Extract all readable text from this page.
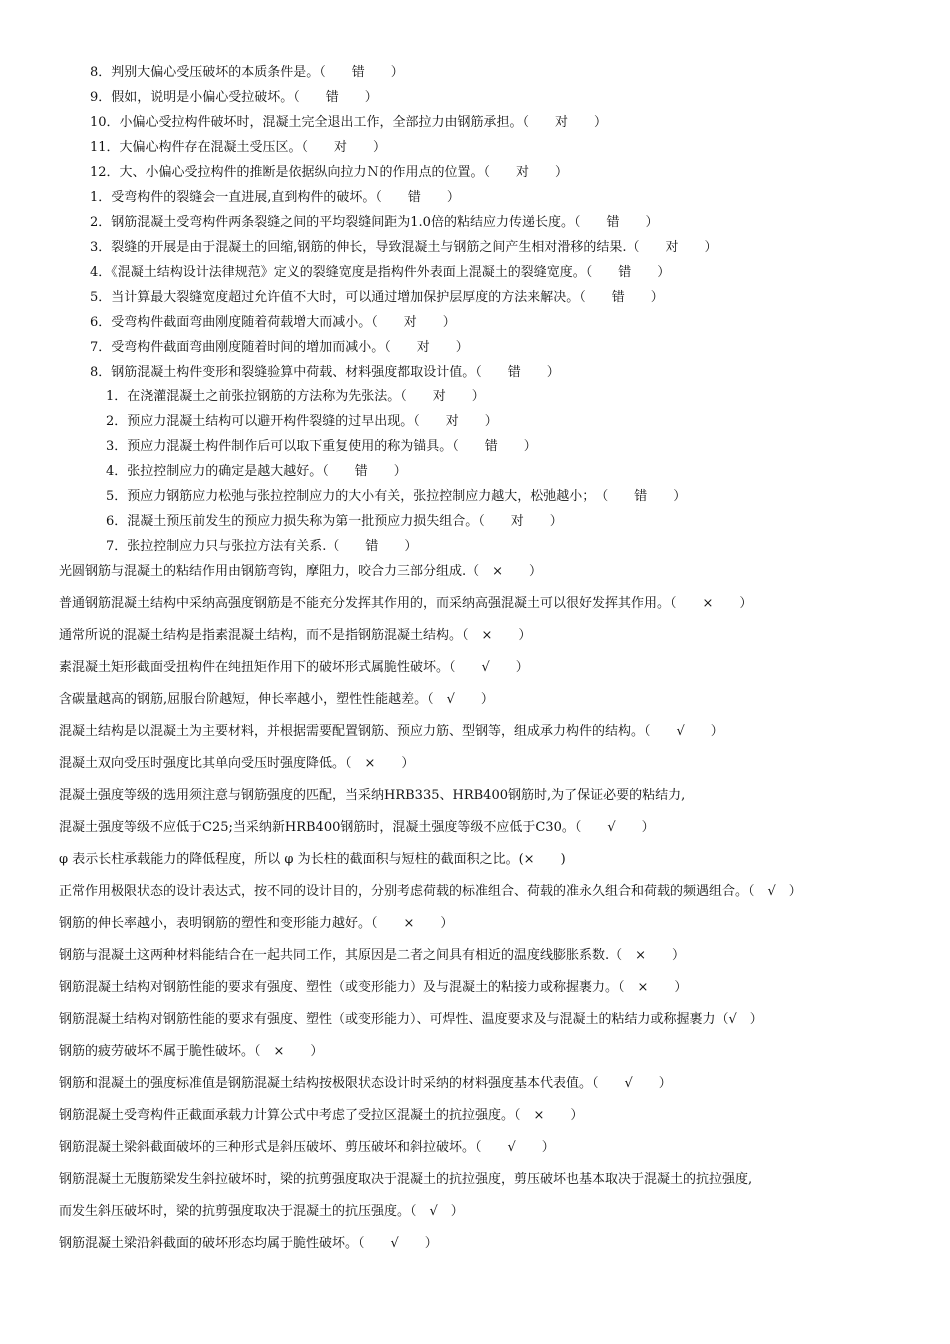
8．判别大偏心受压破坏的本质条件是。（　　错　　）
9．假如，说明是小偏心受拉破坏。（　　错　　）
10．小偏心受拉构件破坏时，混凝土完全退出工作，全部拉力由钢筋承担。（　　对　　）
11．大偏心构件存在混凝土受压区。（　　对　　）
12．大、小偏心受拉构件的推断是依据纵向拉力Ｎ的作用点的位置。（　　对　　）
1．受弯构件的裂缝会一直进展,直到构件的破坏。（　　错　　）
2．钢筋混凝土受弯构件两条裂缝之间的平均裂缝间距为1.0倍的粘结应力传递长度。（　　错　　）
3．裂缝的开展是由于混凝土的回缩,钢筋的伸长，导致混凝土与钢筋之间产生相对滑移的结果.（　　对　　）
4．《混凝土结构设计法律规范》定义的裂缝宽度是指构件外表面上混凝土的裂缝宽度。（　　错　　）
5．当计算最大裂缝宽度超过允许值不大时，可以通过增加保护层厚度的方法来解决。（　　错　　）
6．受弯构件截面弯曲刚度随着荷载增大而减小。（　　对　　）
7．受弯构件截面弯曲刚度随着时间的增加而减小。（　　对　　）
8．钢筋混凝土构件变形和裂缝验算中荷载、材料强度都取设计值。（　　错　　）
1．在浇灌混凝土之前张拉钢筋的方法称为先张法。（　　对　　）
2．预应力混凝土结构可以避开构件裂缝的过早出现。（　　对　　）
3．预应力混凝土构件制作后可以取下重复使用的称为锚具。（　　错　　）
4．张拉控制应力的确定是越大越好。（　　错　　）
5．预应力钢筋应力松弛与张拉控制应力的大小有关，张拉控制应力越大，松弛越小；　（　　错　　）
6．混凝土预压前发生的预应力损失称为第一批预应力损失组合。（　　对　　）
7．张拉控制应力只与张拉方法有关系.（　　错　　）
光圆钢筋与混凝土的粘结作用由钢筋弯钩，摩阻力，咬合力三部分组成.（　×　　）
普通钢筋混凝土结构中采纳高强度钢筋是不能充分发挥其作用的，而采纳高强混凝土可以很好发挥其作用。（　　×　　）
通常所说的混凝土结构是指素混凝土结构，而不是指钢筋混凝土结构。（　×　　）
素混凝土矩形截面受扭构件在纯扭矩作用下的破坏形式属脆性破坏。（　　√　　）
含碳量越高的钢筋,屈服台阶越短，伸长率越小，塑性性能越差。（　√　　）
混凝土结构是以混凝土为主要材料，并根据需要配置钢筋、预应力筋、型钢等，组成承力构件的结构。（　　√　　）
混凝土双向受压时强度比其单向受压时强度降低。（　×　　）
混凝土强度等级的选用须注意与钢筋强度的匹配，当采纳HRB335、HRB400钢筋时,为了保证必要的粘结力,
混凝土强度等级不应低于C25;当采纳新HRB400钢筋时，混凝土强度等级不应低于C30。（　　√　　）
φ 表示长柱承载能力的降低程度，所以 φ 为长柱的截面积与短柱的截面积之比。(×　　)
正常作用极限状态的设计表达式，按不同的设计目的，分别考虑荷载的标准组合、荷载的准永久组合和荷载的频遇组合。（　√　）
钢筋的伸长率越小，表明钢筋的塑性和变形能力越好。（　　×　　）
钢筋与混凝土这两种材料能结合在一起共同工作，其原因是二者之间具有相近的温度线膨胀系数.（　×　　）
钢筋混凝土结构对钢筋性能的要求有强度、塑性（或变形能力）及与混凝土的粘接力或称握裹力。（　×　　）
钢筋混凝土结构对钢筋性能的要求有强度、塑性（或变形能力）、可焊性、温度要求及与混凝土的粘结力或称握裹力（√　）
钢筋的疲劳破坏不属于脆性破坏。（　×　　）
钢筋和混凝土的强度标准值是钢筋混凝土结构按极限状态设计时采纳的材料强度基本代表值。（　　√　　）
钢筋混凝土受弯构件正截面承载力计算公式中考虑了受拉区混凝土的抗拉强度。（　×　　）
钢筋混凝土梁斜截面破坏的三种形式是斜压破坏、剪压破坏和斜拉破坏。（　　√　　）
钢筋混凝土无腹筋梁发生斜拉破坏时，梁的抗剪强度取决于混凝土的抗拉强度，剪压破坏也基本取决于混凝土的抗拉强度,
而发生斜压破坏时，梁的抗剪强度取决于混凝土的抗压强度。（　√　）
钢筋混凝土梁沿斜截面的破坏形态均属于脆性破坏。（　　√　　）
